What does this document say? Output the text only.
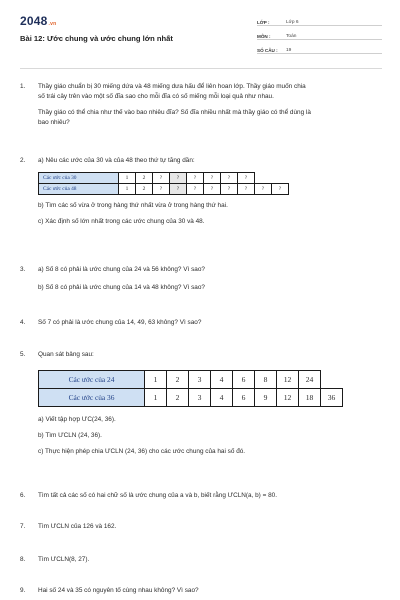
2048.vn
Bài 12: Ước chung và ước chung lớn nhất
LỚP :	Lớp 6
MÔN :	Toán
SỐ CÂU :	19
1.	Thầy giáo chuẩn bị 30 miếng dứa và 48 miếng dưa hấu để liên hoan lớp. Thầy giáo muốn chia
số trái cây trên vào một số đĩa sao cho mỗi đĩa có số miếng mỗi loại quả như nhau.
Thầy giáo có thể chia như thế vào bao nhiêu đĩa? Số đĩa nhiều nhất mà thầy giáo có thể dùng là
bao nhiêu?
2.	a) Nêu các ước của 30 và của 48 theo thứ tự tăng dần:
Các ước của 30	1	2	?	?	?	?	?	?		
Các ước của 48	1	2	?	?	?	?	?	?	?	?
b) Tìm các số vừa ở trong hàng thứ nhất vừa ở trong hàng thứ hai.
c) Xác định số lớn nhất trong các ước chung của 30 và 48.
3.	a) Số 8 có phải là ước chung của 24 và 56 không? Vì sao?
b) Số 8 có phải là ước chung của 14 và 48 không? Vì sao?
4.	Số 7 có phải là ước chung của 14, 49, 63 không? Vì sao?
5.	Quan sát bảng sau:
Các ước của 24	1	2	3	4	6	8	12	24	
Các ước của 36	1	2	3	4	6	9	12	18	36
a) Viết tập hợp ƯC(24, 36).
b) Tìm ƯCLN (24, 36).
c) Thực hiện phép chia ƯCLN (24, 36) cho các ước chung của hai số đó.
6.	Tìm tất cả các số có hai chữ số là ước chung của a và b, biết rằng ƯCLN(a, b) = 80.
7.	Tìm ƯCLN của 126 và 162.
8.	Tìm ƯCLN(8, 27).
9.	Hai số 24 và 35 có nguyên tố cùng nhau không? Vì sao?
